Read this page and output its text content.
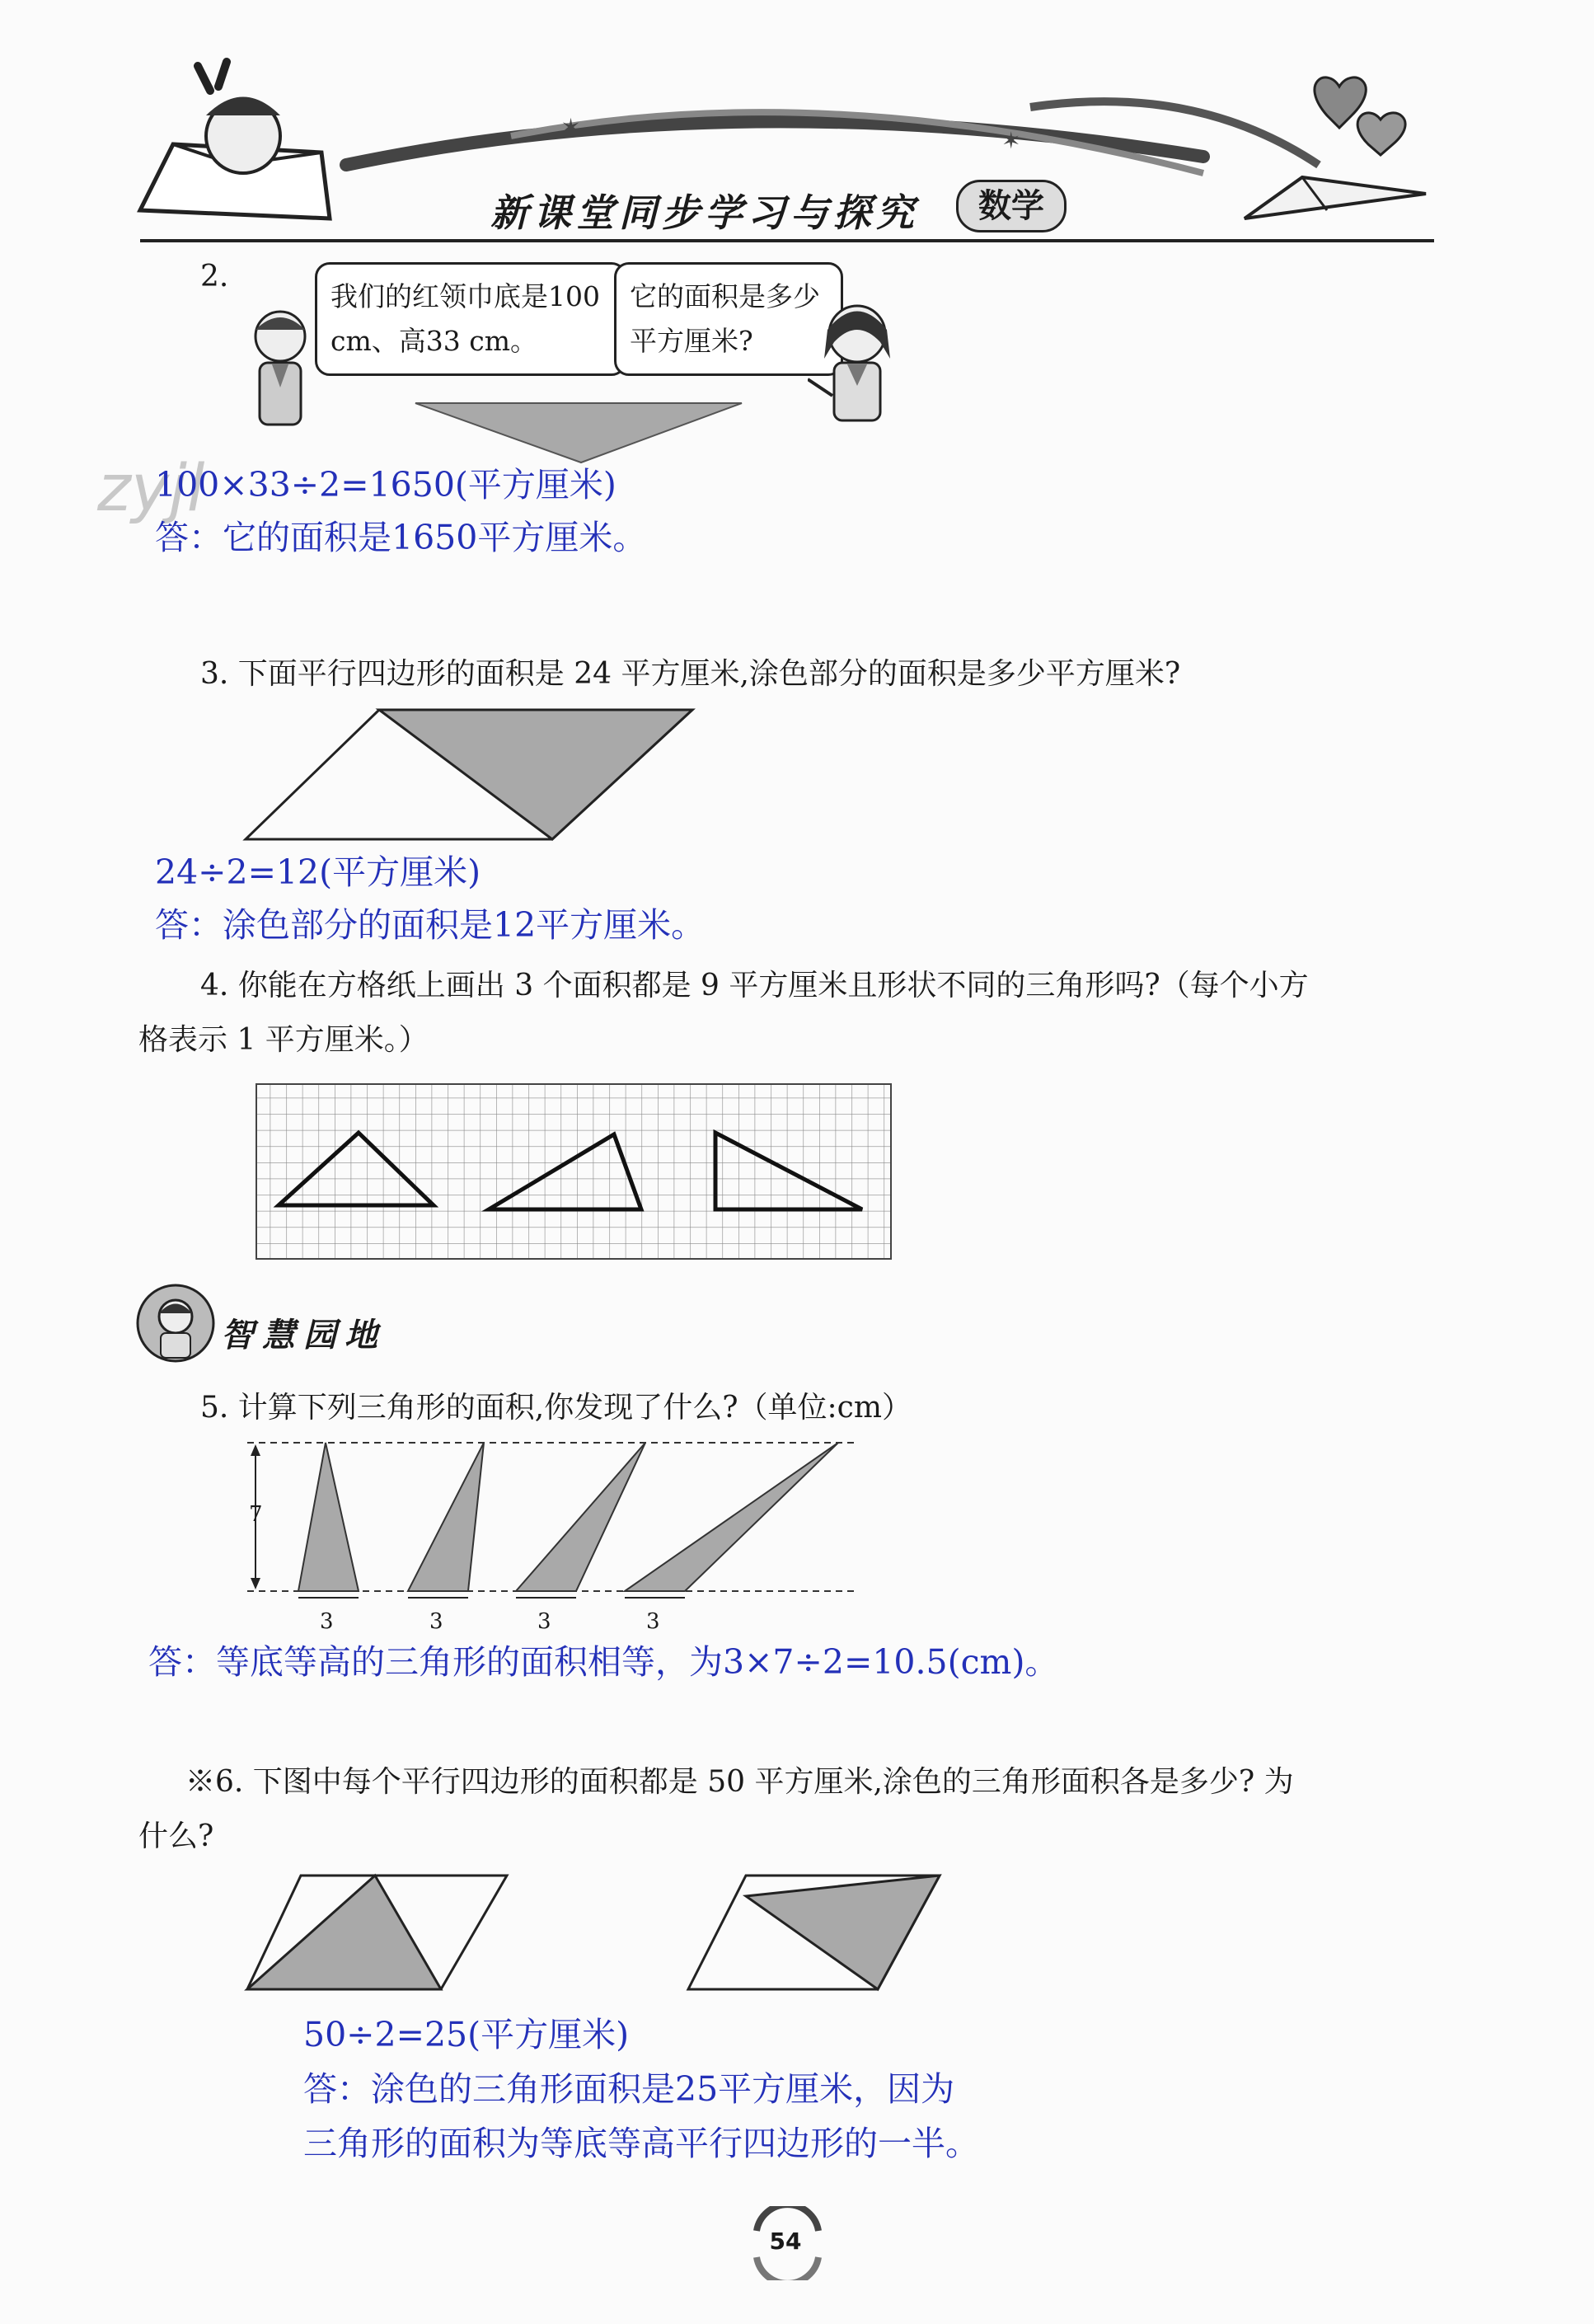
✶	✶
新课堂同步学习与探究	数学
zyjl
2.
我们的红领巾底是100 cm、高33 cm。
它的面积是多少平方厘米?
100×33÷2=1650(平方厘米)
答：它的面积是1650平方厘米。
3. 下面平行四边形的面积是 24 平方厘米,涂色部分的面积是多少平方厘米?
24÷2=12(平方厘米)
答：涂色部分的面积是12平方厘米。
4. 你能在方格纸上画出 3 个面积都是 9 平方厘米且形状不同的三角形吗?（每个小方
格表示 1 平方厘米。）
智慧园地
5. 计算下列三角形的面积,你发现了什么?（单位:cm）
7
3	3	3	3
答：等底等高的三角形的面积相等，为3×7÷2=10.5(cm)。
※6. 下图中每个平行四边形的面积都是 50 平方厘米,涂色的三角形面积各是多少? 为
什么?
50÷2=25(平方厘米)
答：涂色的三角形面积是25平方厘米，因为
三角形的面积为等底等高平行四边形的一半。
54
